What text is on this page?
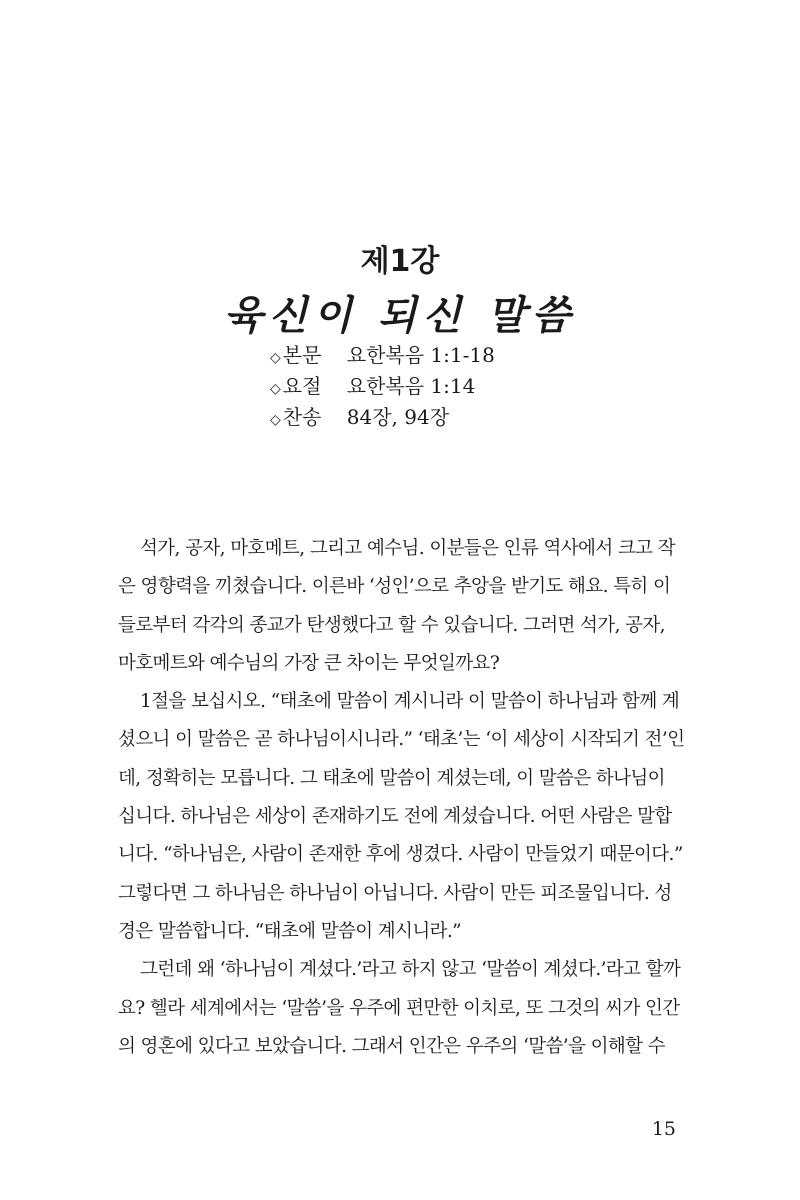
제1강
육신이 되신 말씀
◇ 본문 요한복음 1:1-18
◇ 요절 요한복음 1:14
◇ 찬송 84장, 94장
석가, 공자, 마호메트, 그리고 예수님. 이분들은 인류 역사에서 크고 작
은 영향력을 끼쳤습니다. 이른바 ‘성인’으로 추앙을 받기도 해요. 특히 이
들로부터 각각의 종교가 탄생했다고 할 수 있습니다. 그러면 석가, 공자,
마호메트와 예수님의 가장 큰 차이는 무엇일까요?
1절을 보십시오. “태초에 말씀이 계시니라 이 말씀이 하나님과 함께 계
셨으니 이 말씀은 곧 하나님이시니라.” ‘태초’는 ‘이 세상이 시작되기 전’인
데, 정확히는 모릅니다. 그 태초에 말씀이 계셨는데, 이 말씀은 하나님이
십니다. 하나님은 세상이 존재하기도 전에 계셨습니다. 어떤 사람은 말합
니다. “하나님은, 사람이 존재한 후에 생겼다. 사람이 만들었기 때문이다.”
그렇다면 그 하나님은 하나님이 아닙니다. 사람이 만든 피조물입니다. 성
경은 말씀합니다. “태초에 말씀이 계시니라.”
그런데 왜 ‘하나님이 계셨다.’라고 하지 않고 ‘말씀이 계셨다.’라고 할까
요? 헬라 세계에서는 ‘말씀’을 우주에 편만한 이치로, 또 그것의 씨가 인간
의 영혼에 있다고 보았습니다. 그래서 인간은 우주의 ‘말씀’을 이해할 수
15
